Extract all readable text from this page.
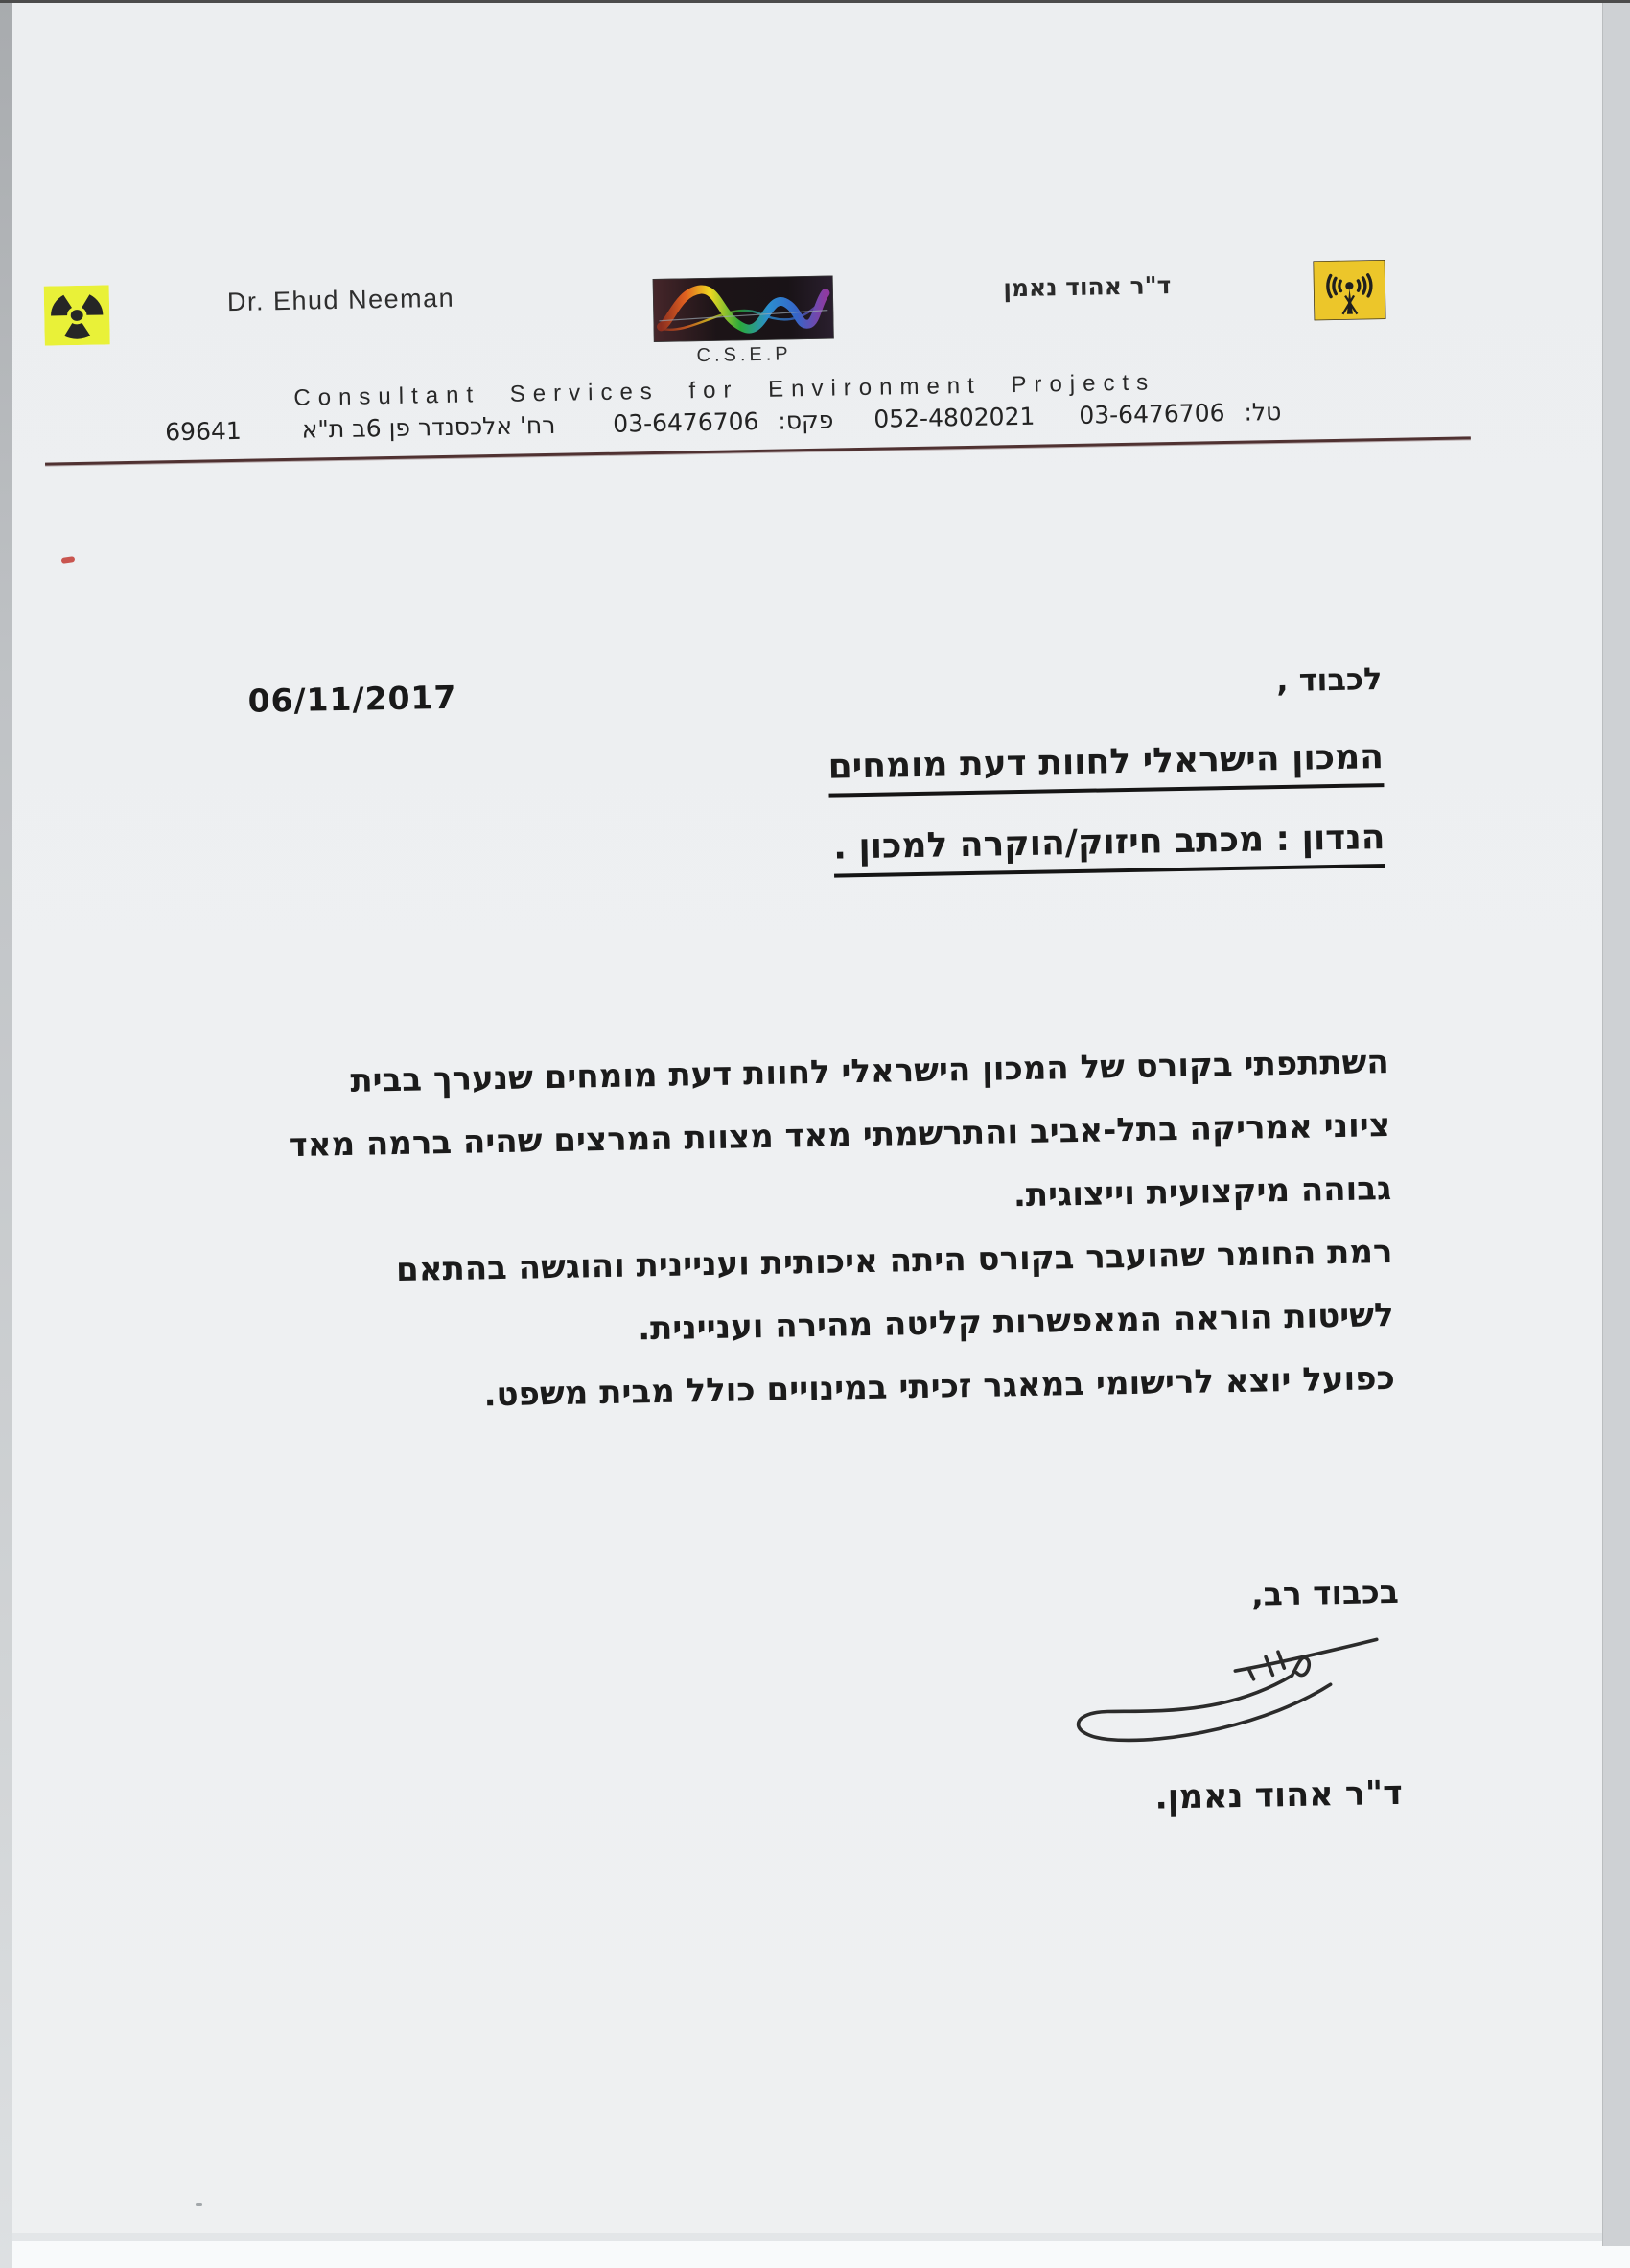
Dr. Ehud Neeman
C.S.E.P
ד"ר אהוד נאמן
Consultant Services for Environment Projects
טל: 03-6476706 052-4802021 פקס: 03-6476706 רח' אלכסנדר פן 6ב ת"א 69641
06/11/2017	לכבוד ,
המכון הישראלי לחוות דעת מומחים
הנדון : מכתב חיזוק/הוקרה למכון .
השתתפתי בקורס של המכון הישראלי לחוות דעת מומחים שנערך בבית
ציוני אמריקה בתל-אביב והתרשמתי מאד מצוות המרצים שהיה ברמה מאד
גבוהה מיקצועית וייצוגית.
רמת החומר שהועבר בקורס היתה איכותית ועניינית והוגשה בהתאם
לשיטות הוראה המאפשרות קליטה מהירה ועניינית.
כפועל יוצא לרישומי במאגר זכיתי במינויים כולל מבית משפט.
בכבוד רב,
ד"ר אהוד נאמן.
